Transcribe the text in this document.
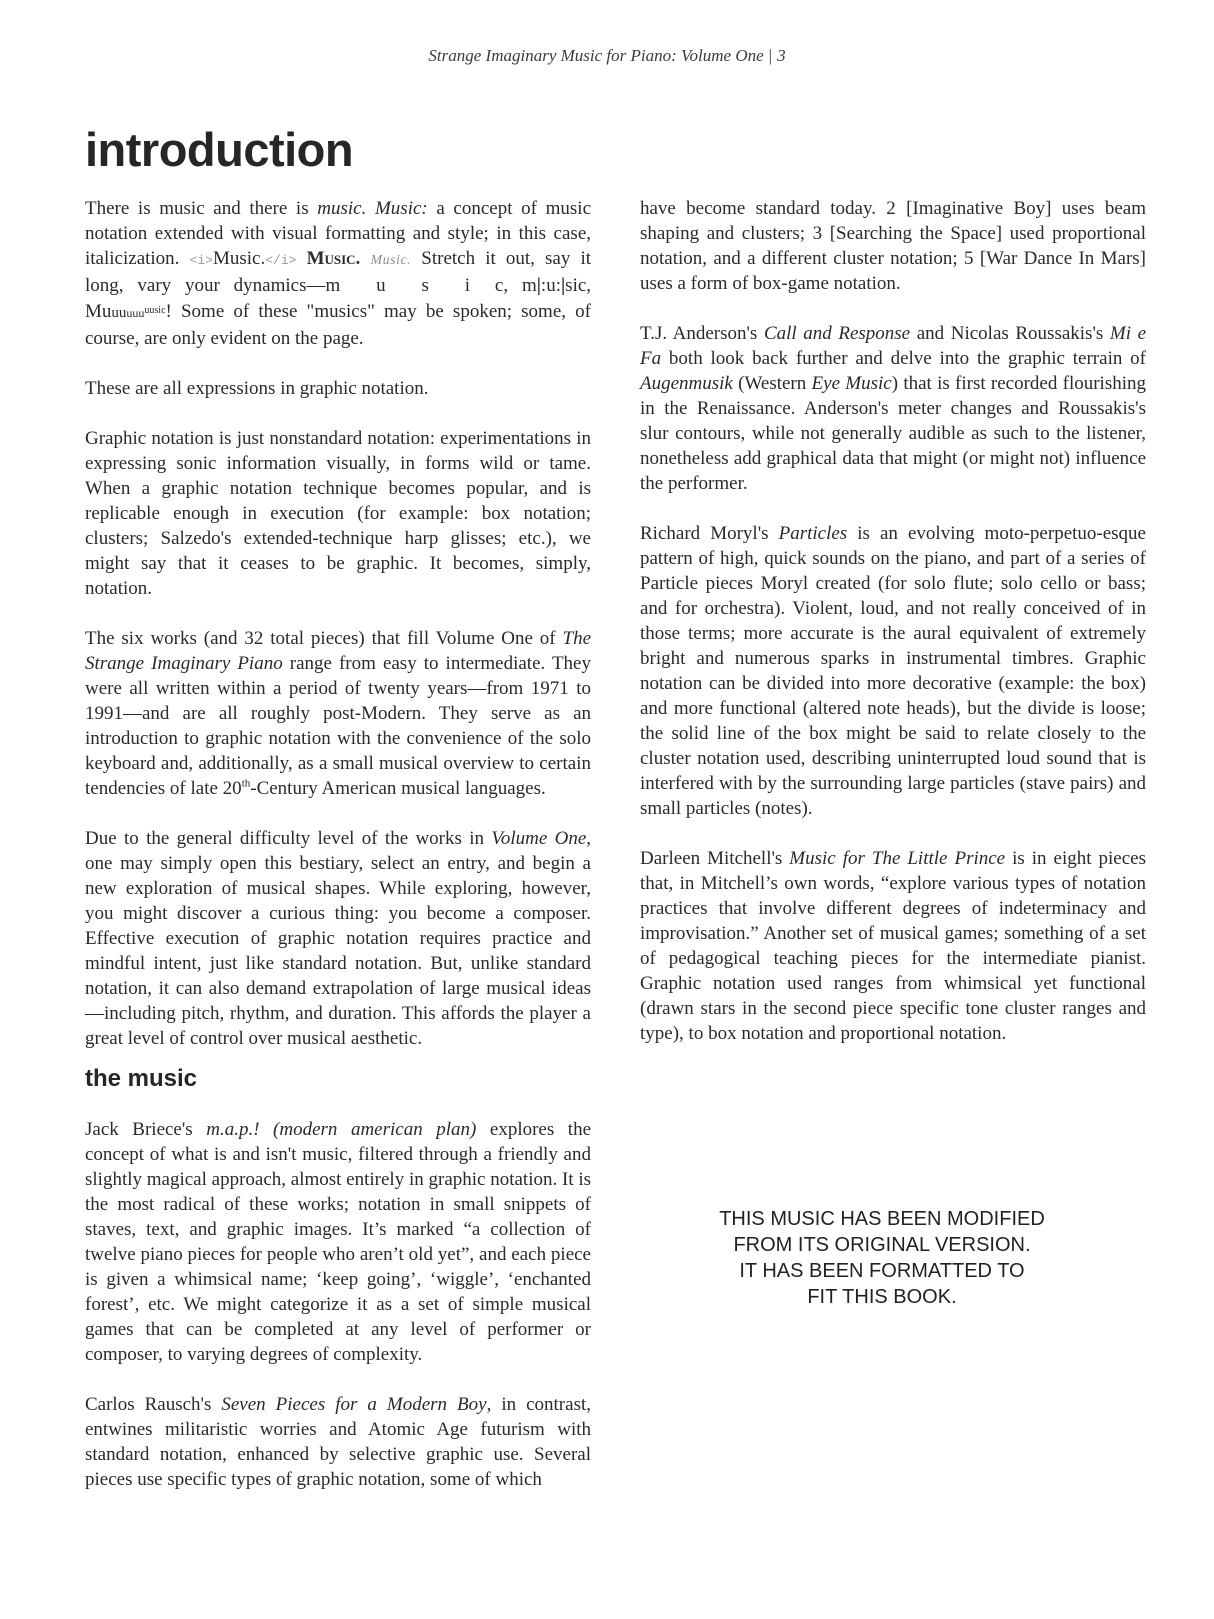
Strange Imaginary Music for Piano: Volume One | 3
introduction

There is music and there is music. Music: a concept of music notation extended with visual formatting and style; in this case, italicization. <i>Music.</i> Music. Music. Stretch it out, say it long, vary your dynamics—m u s i c, m|:u:|sic, Muuuuuu$^{uusic}$! Some of these "musics" may be spoken; some, of course, are only evident on the page.

These are all expressions in graphic notation.

Graphic notation is just nonstandard notation: experimentations in expressing sonic information visually, in forms wild or tame. When a graphic notation technique becomes popular, and is replicable enough in execution (for example: box notation; clusters; Salzedo's extended-technique harp glisses; etc.), we might say that it ceases to be graphic. It becomes, simply, notation.

The six works (and 32 total pieces) that fill Volume One of The Strange Imaginary Piano range from easy to intermediate. They were all written within a period of twenty years—from 1971 to 1991—and are all roughly post-Modern. They serve as an introduction to graphic notation with the convenience of the solo keyboard and, additionally, as a small musical overview to certain tendencies of late 20th-Century American musical languages.

Due to the general difficulty level of the works in Volume One, one may simply open this bestiary, select an entry, and begin a new exploration of musical shapes. While exploring, however, you might discover a curious thing: you become a composer. Effective execution of graphic notation requires practice and mindful intent, just like standard notation. But, unlike standard notation, it can also demand extrapolation of large musical ideas—including pitch, rhythm, and duration. This affords the player a great level of control over musical aesthetic.

the music

Jack Briece's m.a.p.! (modern american plan) explores the concept of what is and isn't music, filtered through a friendly and slightly magical approach, almost entirely in graphic notation. It is the most radical of these works; notation in small snippets of staves, text, and graphic images. It’s marked “a collection of twelve piano pieces for people who aren’t old yet”, and each piece is given a whimsical name; ‘keep going’, ‘wiggle’, ‘enchanted forest’, etc. We might categorize it as a set of simple musical games that can be completed at any level of performer or composer, to varying degrees of complexity.

Carlos Rausch's Seven Pieces for a Modern Boy, in contrast, entwines militaristic worries and Atomic Age futurism with standard notation, enhanced by selective graphic use. Several pieces use specific types of graphic notation, some of which

have become standard today. 2 [Imaginative Boy] uses beam shaping and clusters; 3 [Searching the Space] used proportional notation, and a different cluster notation; 5 [War Dance In Mars] uses a form of box-game notation.

T.J. Anderson's Call and Response and Nicolas Roussakis's Mi e Fa both look back further and delve into the graphic terrain of Augenmusik (Western Eye Music) that is first recorded flourishing in the Renaissance. Anderson's meter changes and Roussakis's slur contours, while not generally audible as such to the listener, nonetheless add graphical data that might (or might not) influence the performer.

Richard Moryl's Particles is an evolving moto-perpetuo-esque pattern of high, quick sounds on the piano, and part of a series of Particle pieces Moryl created (for solo flute; solo cello or bass; and for orchestra). Violent, loud, and not really conceived of in those terms; more accurate is the aural equivalent of extremely bright and numerous sparks in instrumental timbres. Graphic notation can be divided into more decorative (example: the box) and more functional (altered note heads), but the divide is loose; the solid line of the box might be said to relate closely to the cluster notation used, describing uninterrupted loud sound that is interfered with by the surrounding large particles (stave pairs) and small particles (notes).

Darleen Mitchell's Music for The Little Prince is in eight pieces that, in Mitchell’s own words, “explore various types of notation practices that involve different degrees of indeterminacy and improvisation.” Another set of musical games; something of a set of pedagogical teaching pieces for the intermediate pianist. Graphic notation used ranges from whimsical yet functional (drawn stars in the second piece specific tone cluster ranges and type), to box notation and proportional notation.

THIS MUSIC HAS BEEN MODIFIED
FROM ITS ORIGINAL VERSION.
IT HAS BEEN FORMATTED TO
FIT THIS BOOK.
